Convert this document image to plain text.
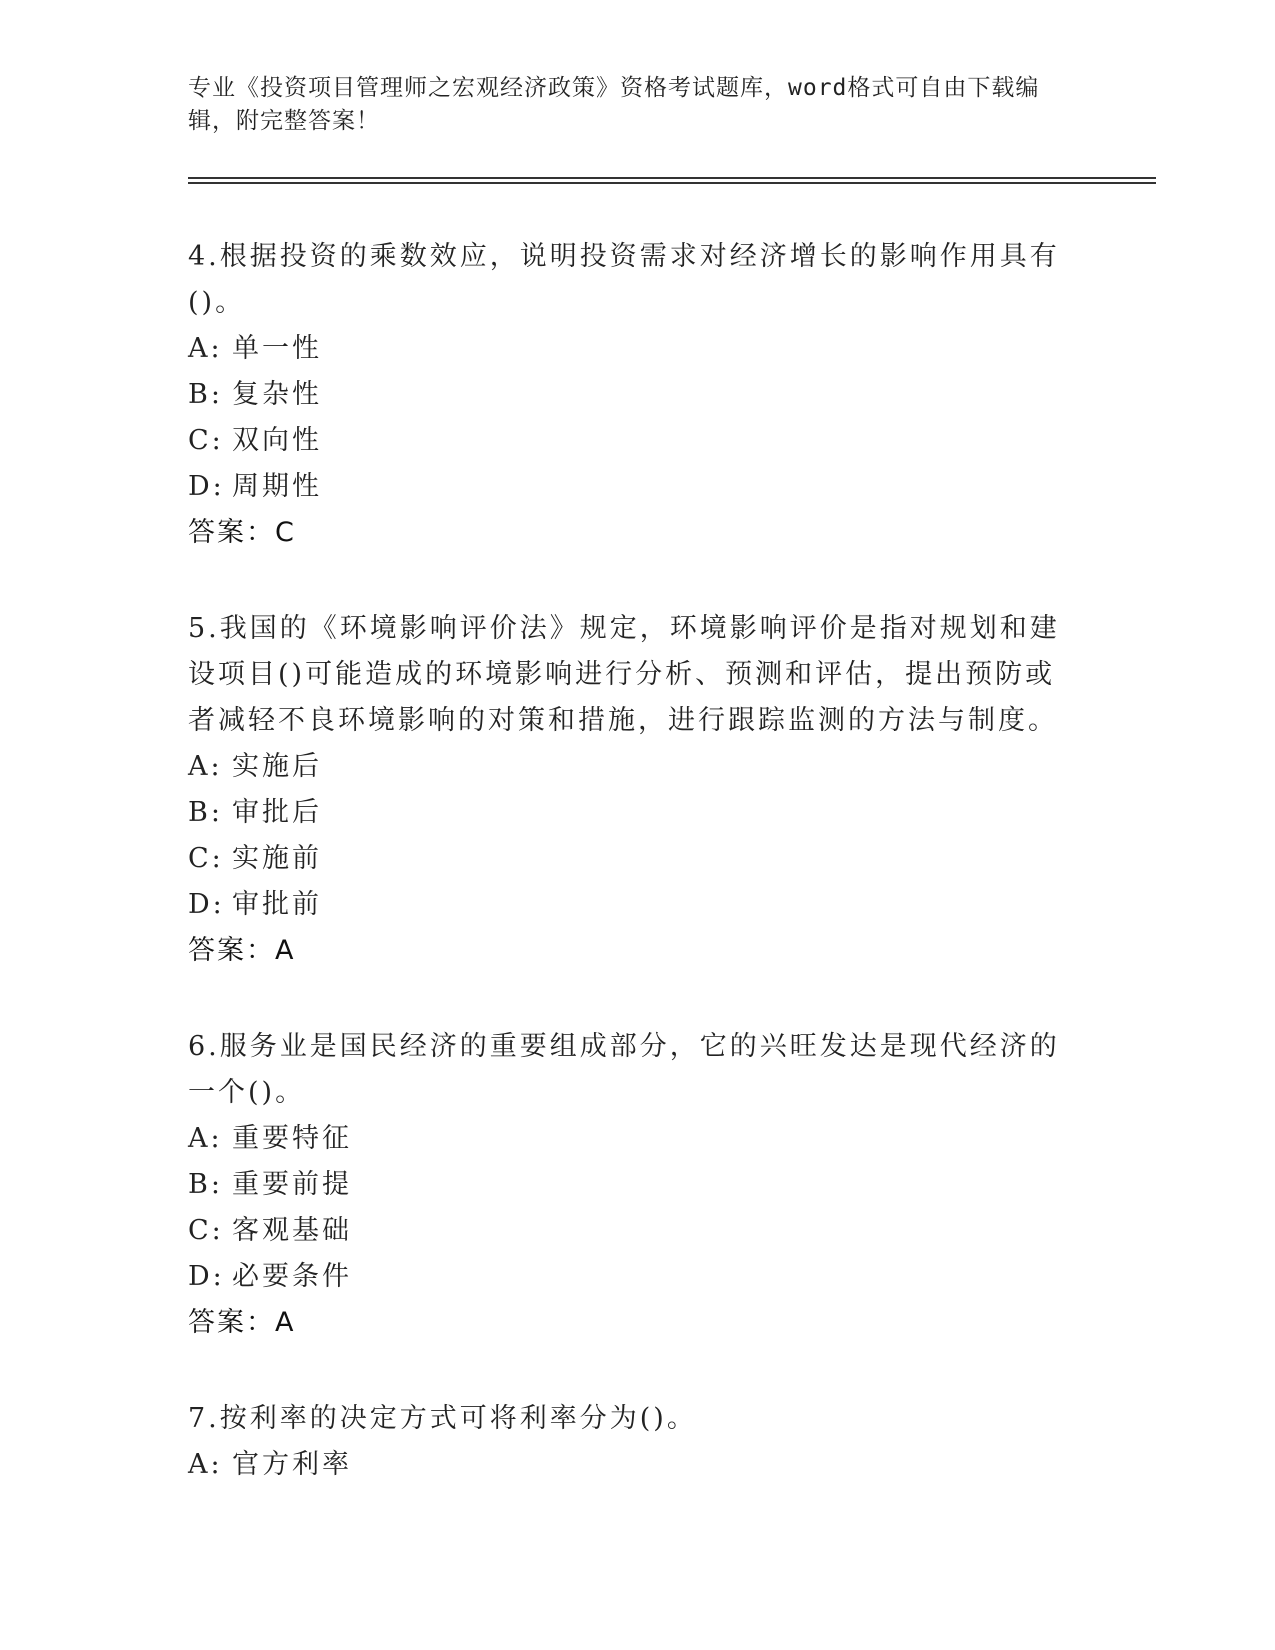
专业《投资项目管理师之宏观经济政策》资格考试题库，word格式可自由下载编辑，附完整答案！

4.根据投资的乘数效应，说明投资需求对经济增长的影响作用具有()。

A: 单一性
B: 复杂性
C: 双向性
D: 周期性
答案：C

5.我国的《环境影响评价法》规定，环境影响评价是指对规划和建设项目()可能造成的环境影响进行分析、预测和评估，提出预防或者减轻不良环境影响的对策和措施，进行跟踪监测的方法与制度。

A: 实施后
B: 审批后
C: 实施前
D: 审批前
答案：A

6.服务业是国民经济的重要组成部分，它的兴旺发达是现代经济的一个()。

A: 重要特征
B: 重要前提
C: 客观基础
D: 必要条件
答案：A

7.按利率的决定方式可将利率分为()。

A: 官方利率
